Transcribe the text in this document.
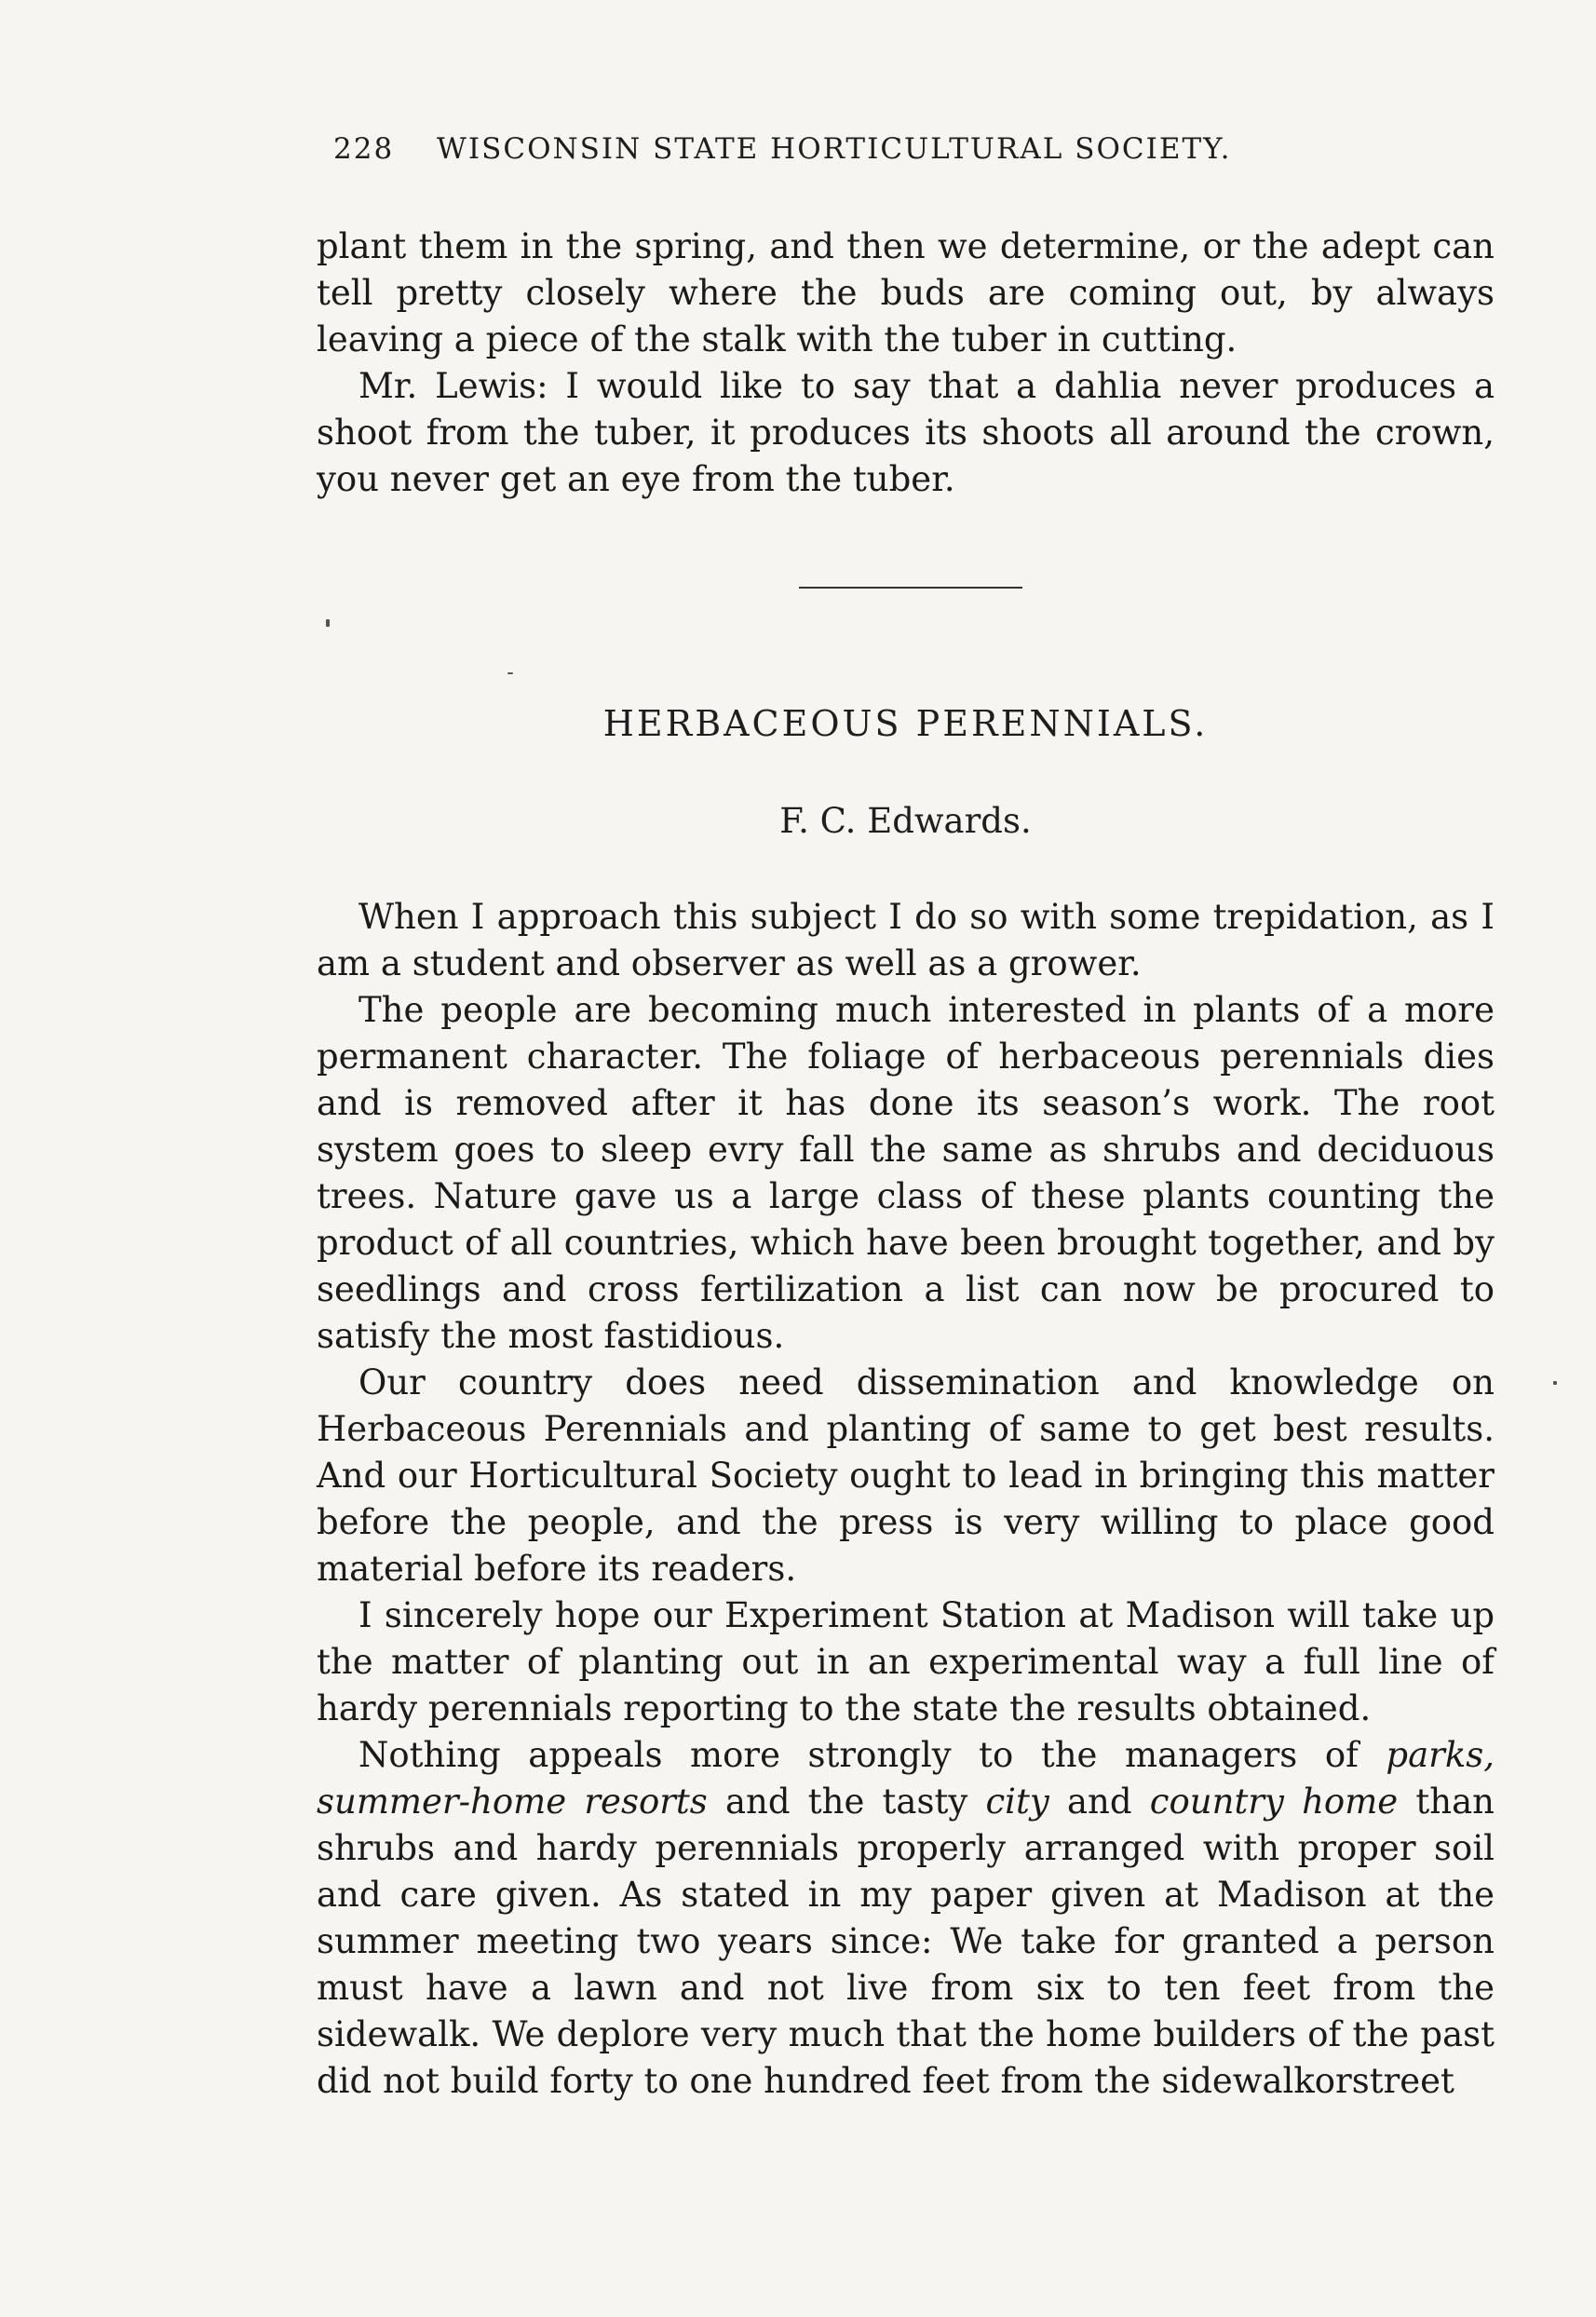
228 WISCONSIN STATE HORTICULTURAL SOCIETY.

plant them in the spring, and then we determine, or the adept can tell pretty closely where the buds are coming out, by always leaving a piece of the stalk with the tuber in cutting.

Mr. Lewis: I would like to say that a dahlia never produces a shoot from the tuber, it produces its shoots all around the crown, you never get an eye from the tuber.

HERBACEOUS PERENNIALS.
F. C. Edwards.

When I approach this subject I do so with some trepidation, as I am a student and observer as well as a grower.

The people are becoming much interested in plants of a more permanent character. The foliage of herbaceous perennials dies and is removed after it has done its season’s work. The root system goes to sleep evry fall the same as shrubs and deciduous trees. Nature gave us a large class of these plants counting the product of all countries, which have been brought together, and by seedlings and cross fertilization a list can now be procured to satisfy the most fastidious.

Our country does need dissemination and knowledge on Herbaceous Perennials and planting of same to get best results. And our Horticultural Society ought to lead in bringing this matter before the people, and the press is very willing to place good material before its readers.

I sincerely hope our Experiment Station at Madison will take up the matter of planting out in an experimental way a full line of hardy perennials reporting to the state the results obtained.

Nothing appeals more strongly to the managers of parks, summer-home resorts and the tasty city and country home than shrubs and hardy perennials properly arranged with proper soil and care given. As stated in my paper given at Madison at the summer meeting two years since: We take for granted a person must have a lawn and not live from six to ten feet from the sidewalk. We deplore very much that the home builders of the past did not build forty to one hundred feet from the sidewalkorstreet
